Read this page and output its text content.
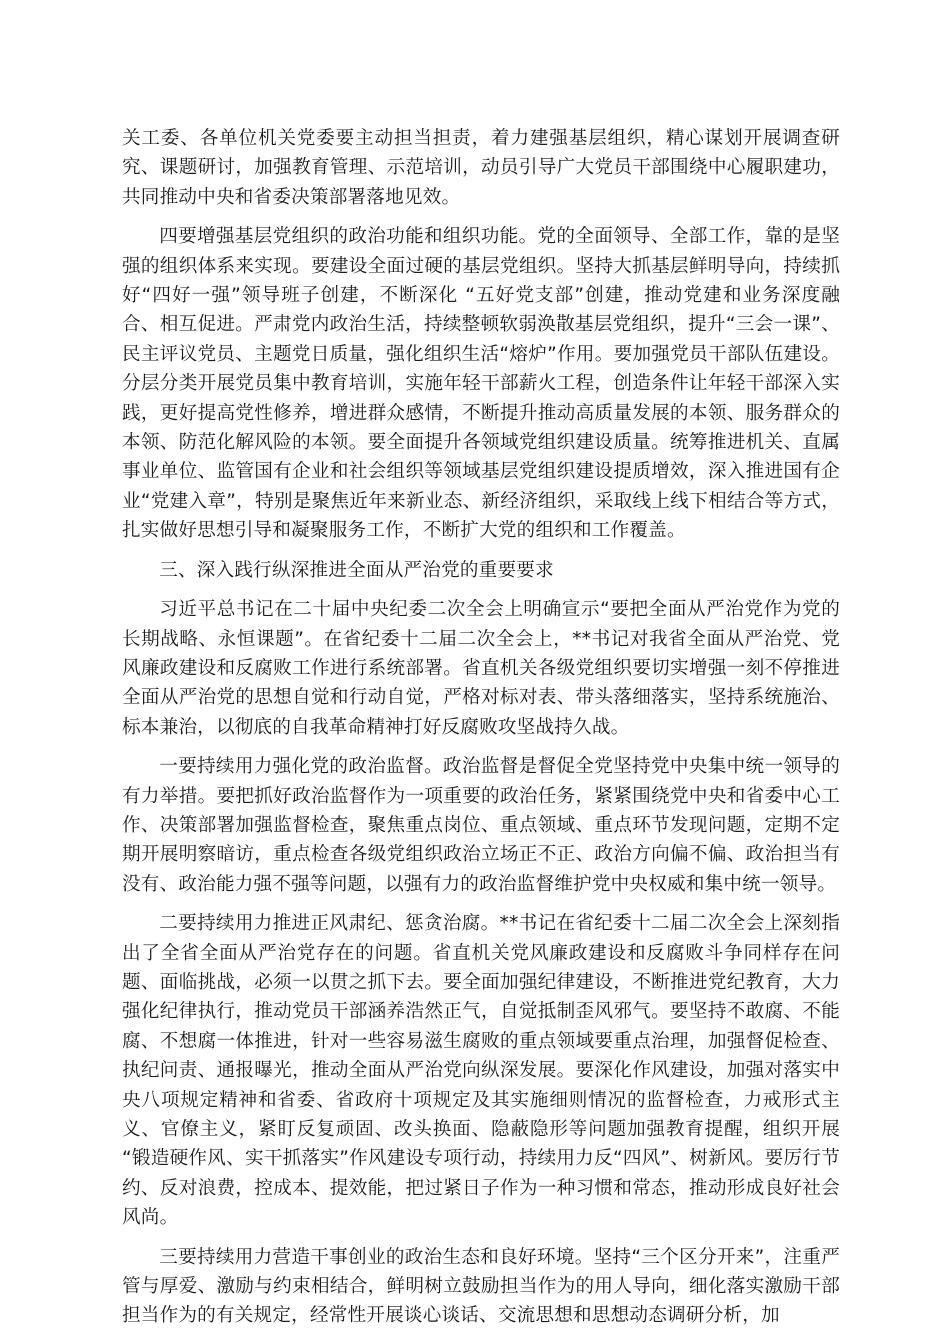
关工委、各单位机关党委要主动担当担责，着力建强基层组织，精心谋划开展调查研究、课题研讨，加强教育管理、示范培训，动员引导广大党员干部围绕中心履职建功，共同推动中央和省委决策部署落地见效。

四要增强基层党组织的政治功能和组织功能。党的全面领导、全部工作，靠的是坚强的组织体系来实现。要建设全面过硬的基层党组织。坚持大抓基层鲜明导向，持续抓好“四好一强”领导班子创建，不断深化 “五好党支部”创建，推动党建和业务深度融合、相互促进。严肃党内政治生活，持续整顿软弱涣散基层党组织，提升“三会一课”、民主评议党员、主题党日质量，强化组织生活“熔炉”作用。要加强党员干部队伍建设。分层分类开展党员集中教育培训，实施年轻干部薪火工程，创造条件让年轻干部深入实践，更好提高党性修养，增进群众感情，不断提升推动高质量发展的本领、服务群众的本领、防范化解风险的本领。要全面提升各领域党组织建设质量。统筹推进机关、直属事业单位、监管国有企业和社会组织等领域基层党组织建设提质增效，深入推进国有企业“党建入章”，特别是聚焦近年来新业态、新经济组织，采取线上线下相结合等方式，扎实做好思想引导和凝聚服务工作，不断扩大党的组织和工作覆盖。

三、深入践行纵深推进全面从严治党的重要要求

习近平总书记在二十届中央纪委二次全会上明确宣示“要把全面从严治党作为党的长期战略、永恒课题”。在省纪委十二届二次全会上，**书记对我省全面从严治党、党风廉政建设和反腐败工作进行系统部署。省直机关各级党组织要切实增强一刻不停推进全面从严治党的思想自觉和行动自觉，严格对标对表、带头落细落实，坚持系统施治、标本兼治，以彻底的自我革命精神打好反腐败攻坚战持久战。

一要持续用力强化党的政治监督。政治监督是督促全党坚持党中央集中统一领导的有力举措。要把抓好政治监督作为一项重要的政治任务，紧紧围绕党中央和省委中心工作、决策部署加强监督检查，聚焦重点岗位、重点领域、重点环节发现问题，定期不定期开展明察暗访，重点检查各级党组织政治立场正不正、政治方向偏不偏、政治担当有没有、政治能力强不强等问题，以强有力的政治监督维护党中央权威和集中统一领导。

二要持续用力推进正风肃纪、惩贪治腐。**书记在省纪委十二届二次全会上深刻指出了全省全面从严治党存在的问题。省直机关党风廉政建设和反腐败斗争同样存在问题、面临挑战，必须一以贯之抓下去。要全面加强纪律建设，不断推进党纪教育，大力强化纪律执行，推动党员干部涵养浩然正气，自觉抵制歪风邪气。要坚持不敢腐、不能腐、不想腐一体推进，针对一些容易滋生腐败的重点领域要重点治理，加强督促检查、执纪问责、通报曝光，推动全面从严治党向纵深发展。要深化作风建设，加强对落实中央八项规定精神和省委、省政府十项规定及其实施细则情况的监督检查，力戒形式主义、官僚主义，紧盯反复顽固、改头换面、隐蔽隐形等问题加强教育提醒，组织开展 “锻造硬作风、实干抓落实”作风建设专项行动，持续用力反“四风”、树新风。要厉行节约、反对浪费，控成本、提效能，把过紧日子作为一种习惯和常态，推动形成良好社会风尚。

三要持续用力营造干事创业的政治生态和良好环境。坚持“三个区分开来”，注重严管与厚爱、激励与约束相结合，鲜明树立鼓励担当作为的用人导向，细化落实激励干部担当作为的有关规定，经常性开展谈心谈话、交流思想和思想动态调研分析，加
